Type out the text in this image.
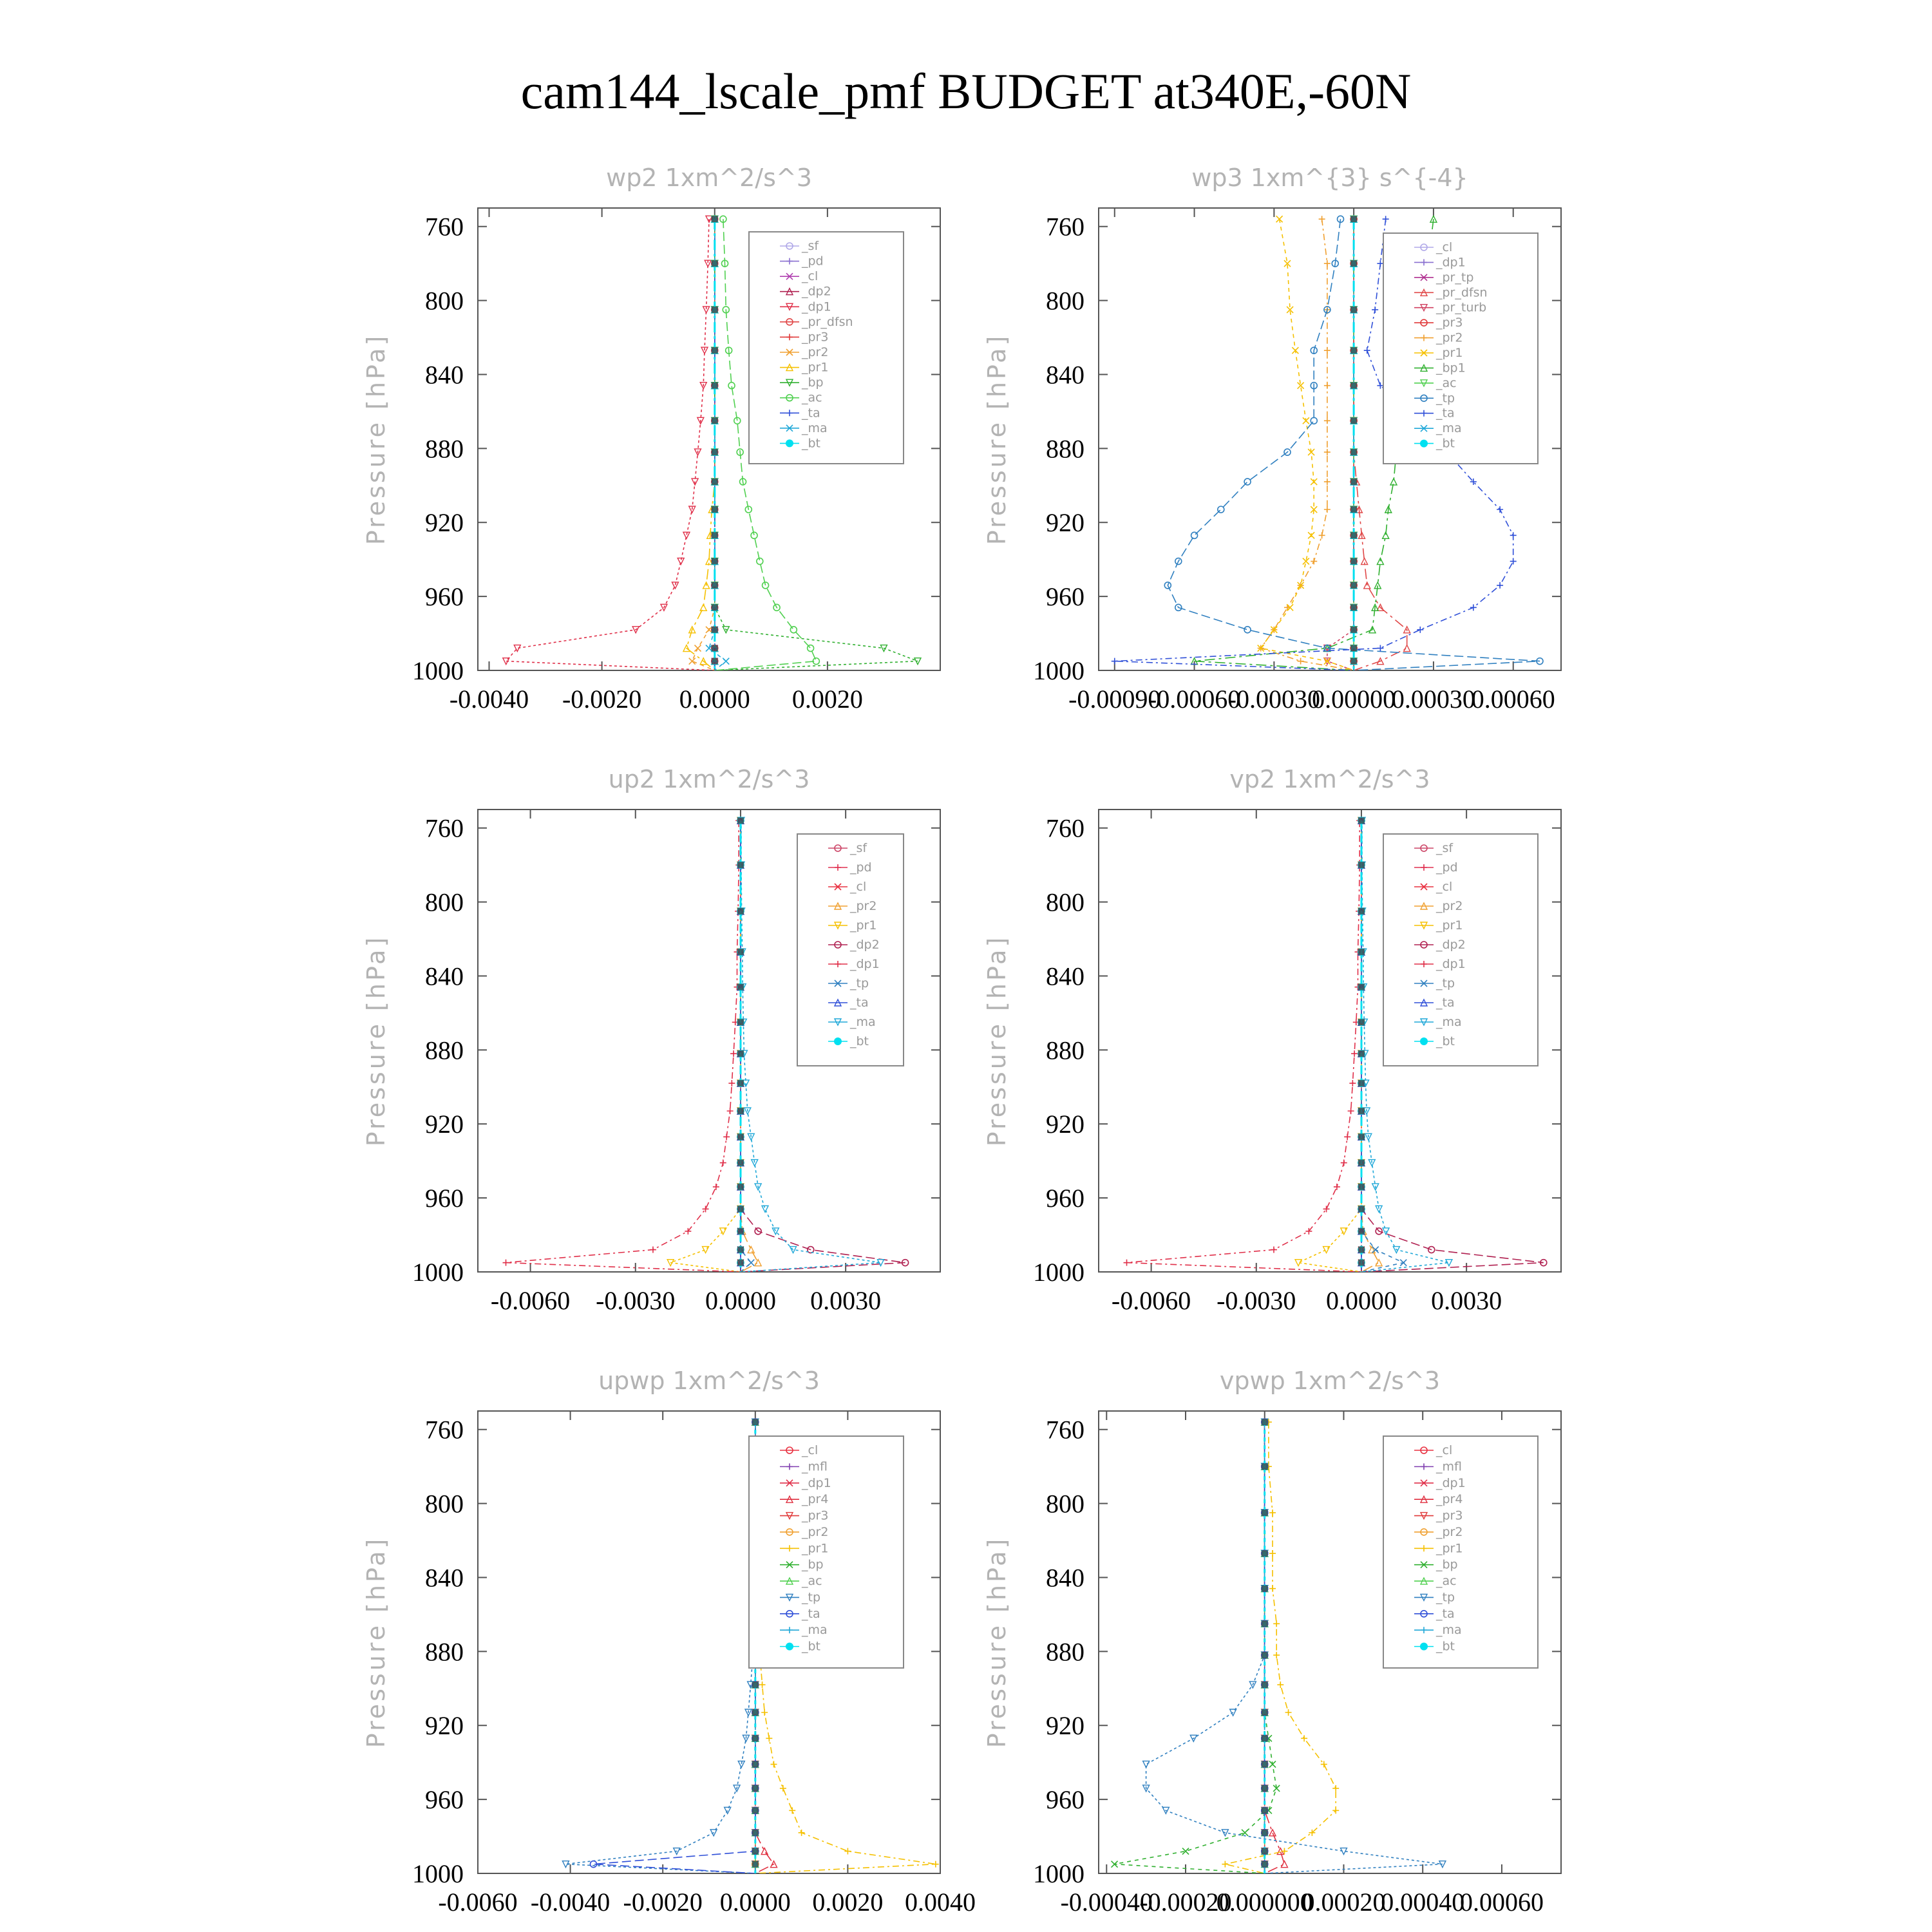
cam144_lscale_pmf BUDGET at340E,-60N
wp2 1xm^2/s^3
Pressure [hPa]
760
800
840
880
920
960
1000
-0.0040 -0.0020 0.0000 0.0020
_sf
_pd
_cl
_dp2
_dp1
_pr_dfsn
_pr3
_pr2
_pr1
_bp
_ac
_ta
_ma
_bt
wp3 1xm^{3} s^{-4}
Pressure [hPa]
760
800
840
880
920
960
1000
-0.00090
-0.00060
-0.00030
0.00000
0.00030
0.00060
_cl
_dp1
_pr_tp
_pr_dfsn
_pr_turb
_pr3
_pr2
_pr1
_bp1
_ac
_tp
_ta
_ma
_bt
up2 1xm^2/s^3
Pressure [hPa]
760
800
840
880
920
960
1000
-0.0060 -0.0030 0.0000 0.0030
_sf
_pd
_cl
_pr2
_pr1
_dp2
_dp1
_tp
_ta
_ma
_bt
vp2 1xm^2/s^3
Pressure [hPa]
760
800
840
880
920
960
1000
-0.0060 -0.0030 0.0000 0.0030
_sf
_pd
_cl
_pr2
_pr1
_dp2
_dp1
_tp
_ta
_ma
_bt
upwp 1xm^2/s^3
Pressure [hPa]
760
800
840
880
920
960
1000
-0.0060 -0.0040 -0.0020 0.0000 0.0020 0.0040
_cl
_mfl
_dp1
_pr4
_pr3
_pr2
_pr1
_bp
_ac
_tp
_ta
_ma
_bt
vpwp 1xm^2/s^3
Pressure [hPa]
760
800
840
880
920
960
1000
-0.00040
-0.00020
0.000000
0.00020
0.00040
0.00060
_cl
_mfl
_dp1
_pr4
_pr3
_pr2
_pr1
_bp
_ac
_tp
_ta
_ma
_bt
